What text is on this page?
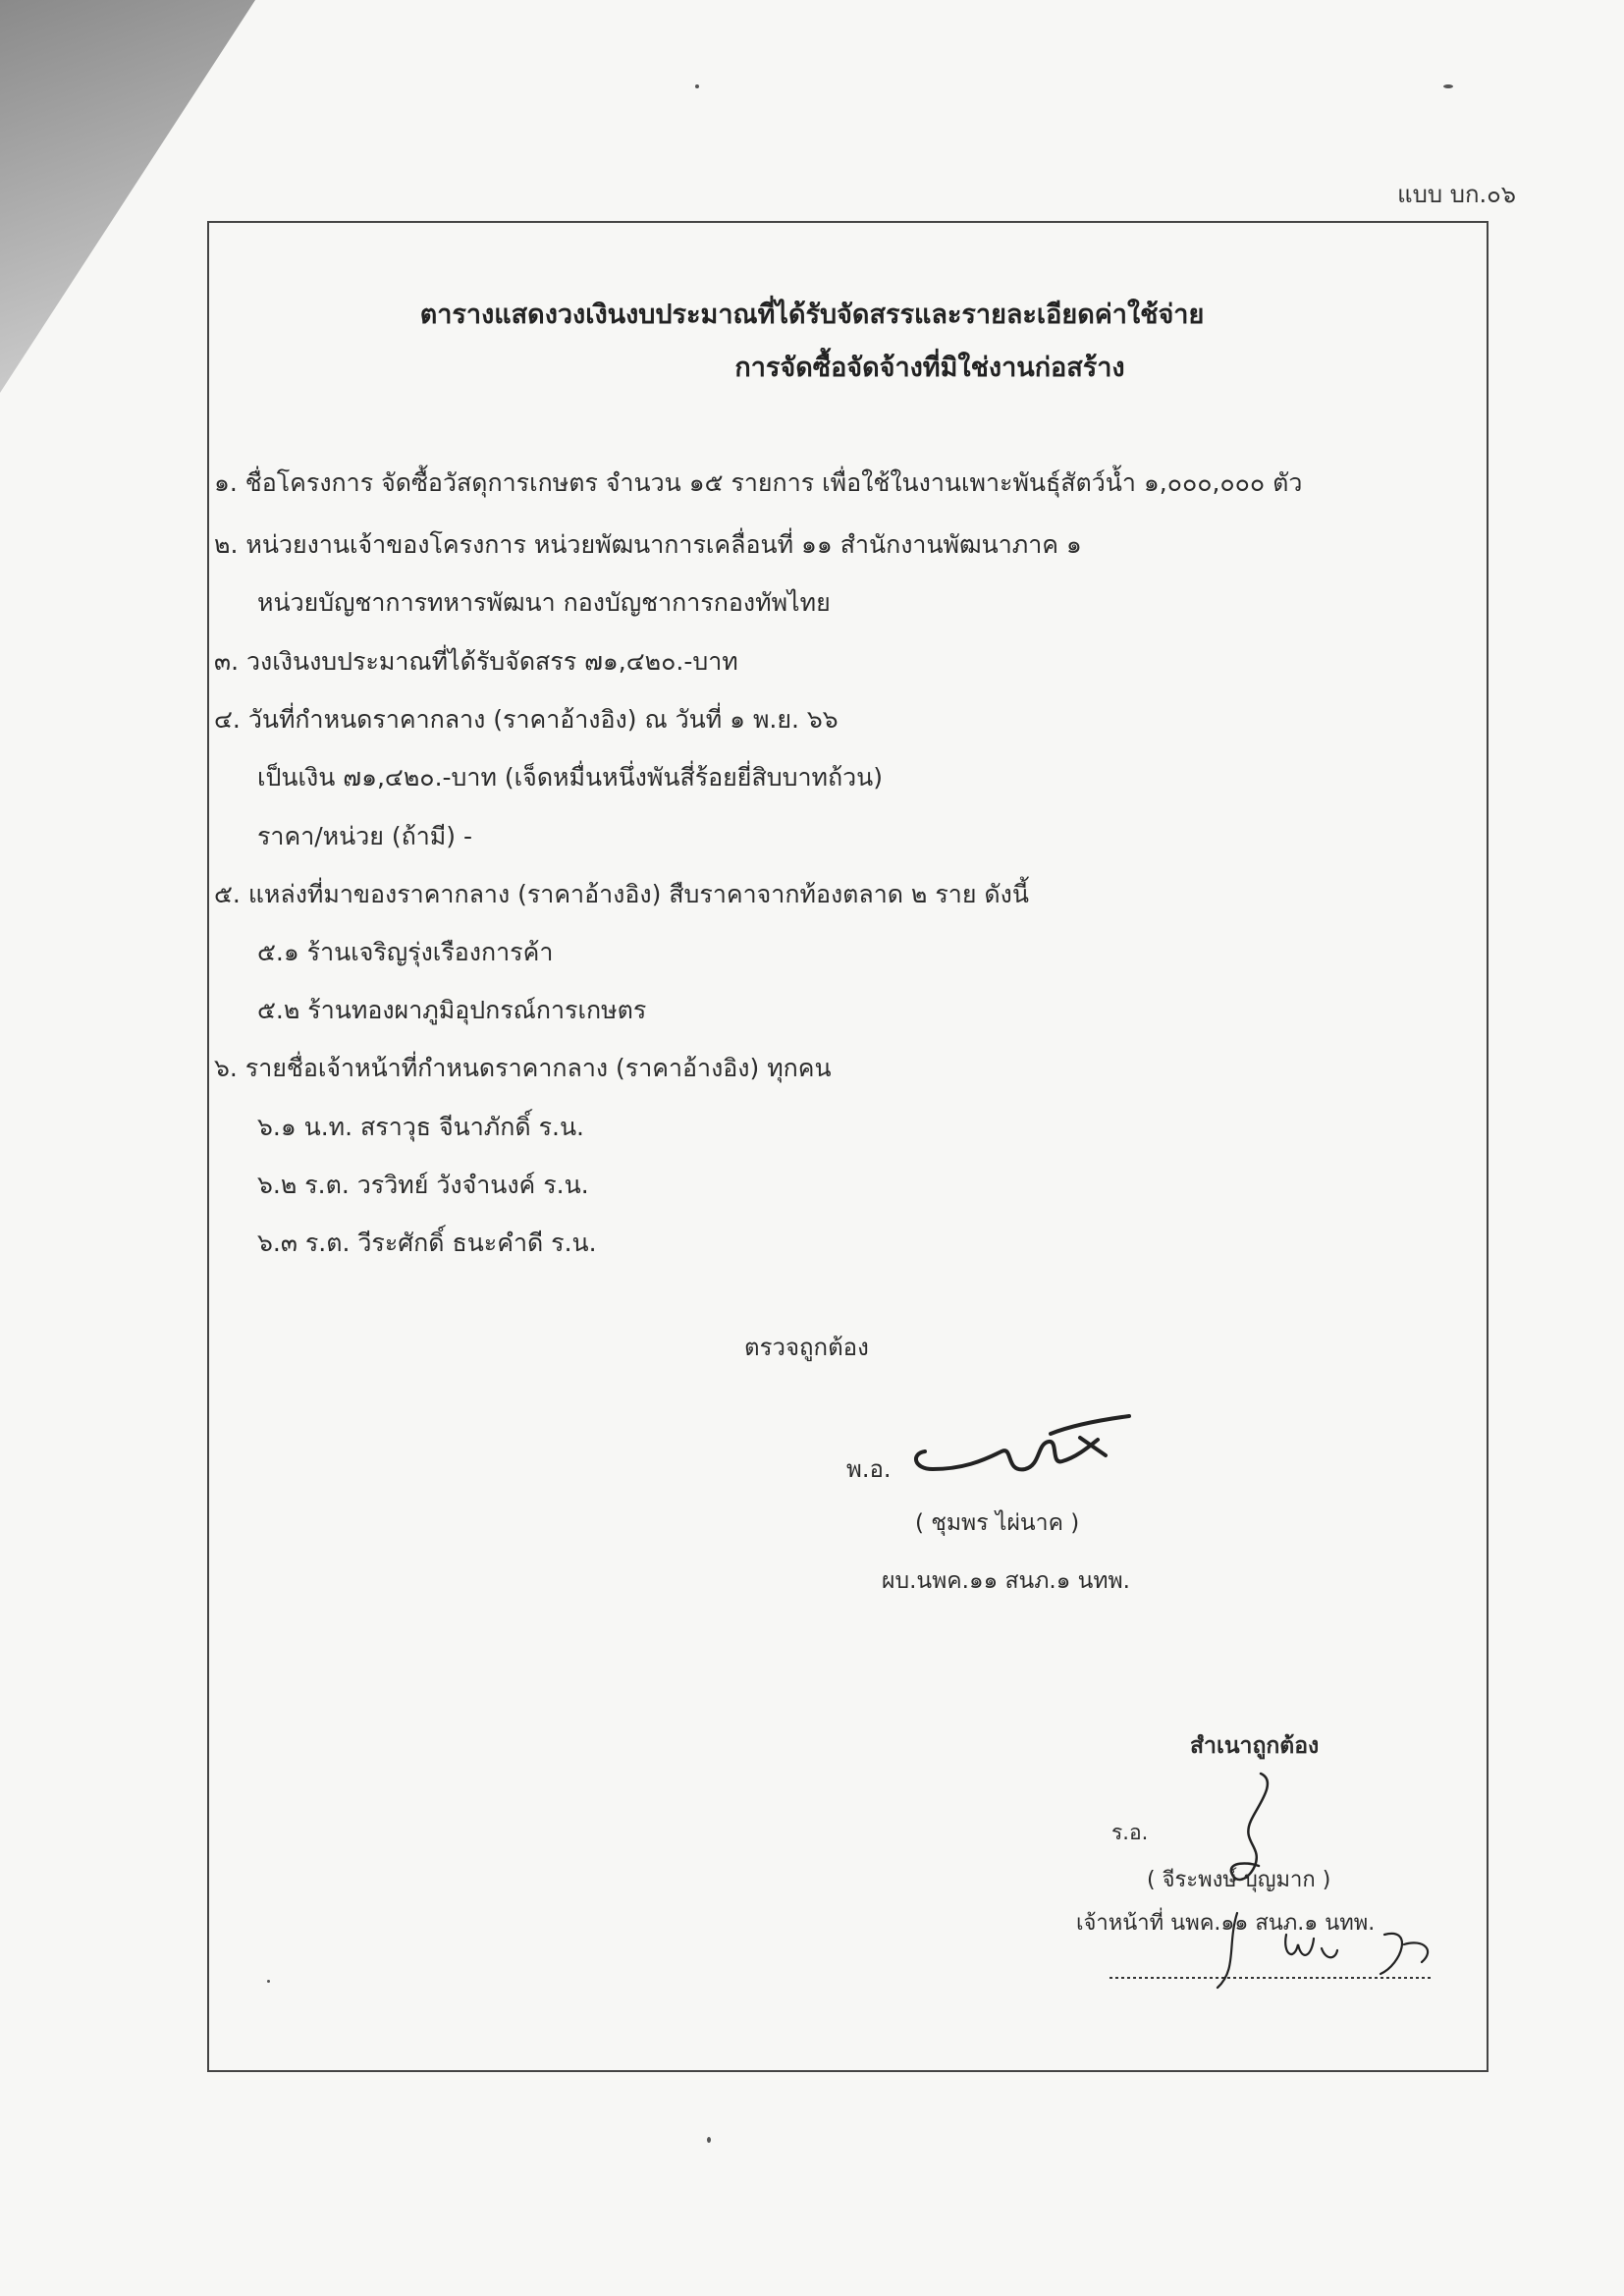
แบบ บก.๐๖
ตารางแสดงวงเงินงบประมาณที่ได้รับจัดสรรและรายละเอียดค่าใช้จ่าย
การจัดซื้อจัดจ้างที่มิใช่งานก่อสร้าง
๑. ชื่อโครงการ จัดซื้อวัสดุการเกษตร จำนวน ๑๕ รายการ เพื่อใช้ในงานเพาะพันธุ์สัตว์น้ำ ๑,๐๐๐,๐๐๐ ตัว
๒. หน่วยงานเจ้าของโครงการ หน่วยพัฒนาการเคลื่อนที่ ๑๑ สำนักงานพัฒนาภาค ๑
หน่วยบัญชาการทหารพัฒนา กองบัญชาการกองทัพไทย
๓. วงเงินงบประมาณที่ได้รับจัดสรร ๗๑,๔๒๐.-บาท
๔. วันที่กำหนดราคากลาง (ราคาอ้างอิง) ณ วันที่ ๑ พ.ย. ๖๖
เป็นเงิน ๗๑,๔๒๐.-บาท (เจ็ดหมื่นหนึ่งพันสี่ร้อยยี่สิบบาทถ้วน)
ราคา/หน่วย (ถ้ามี) -
๕. แหล่งที่มาของราคากลาง (ราคาอ้างอิง) สืบราคาจากท้องตลาด ๒ ราย ดังนี้
๕.๑ ร้านเจริญรุ่งเรืองการค้า
๕.๒ ร้านทองผาภูมิอุปกรณ์การเกษตร
๖. รายชื่อเจ้าหน้าที่กำหนดราคากลาง (ราคาอ้างอิง) ทุกคน
๖.๑ น.ท. สราวุธ จีนาภักดิ์ ร.น.
๖.๒ ร.ต. วรวิทย์ วังจำนงค์ ร.น.
๖.๓ ร.ต. วีระศักดิ์ ธนะคำดี ร.น.
ตรวจถูกต้อง
พ.อ.
( ชุมพร ไผ่นาค )
ผบ.นพค.๑๑ สนภ.๑ นทพ.
สำเนาถูกต้อง
ร.อ.
( จีระพงษ์ บุญมาก )
เจ้าหน้าที่ นพค.๑๑ สนภ.๑ นทพ.
